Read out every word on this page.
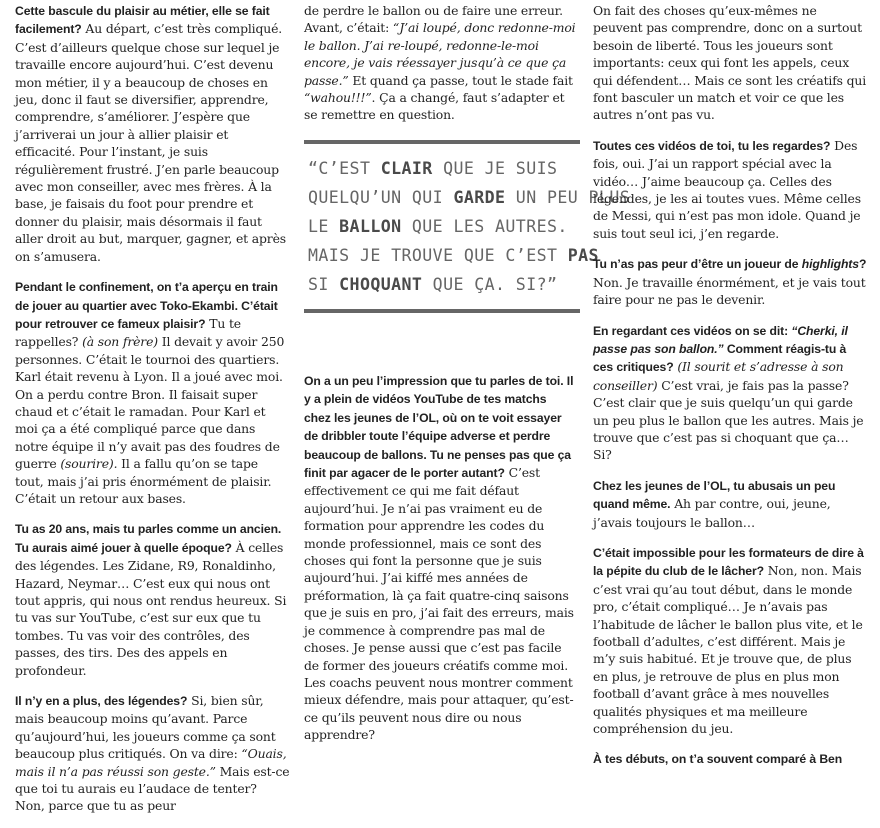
Cette bascule du plaisir au métier, elle se fait facilement? Au départ, c’est très compliqué. C’est d’ailleurs quelque chose sur lequel je travaille encore aujourd’hui. C’est devenu mon métier, il y a beaucoup de choses en jeu, donc il faut se diversifier, apprendre, comprendre, s’améliorer. J’espère que j’arriverai un jour à allier plaisir et efficacité. Pour l’instant, je suis régulièrement frustré. J’en parle beaucoup avec mon conseiller, avec mes frères. À la base, je faisais du foot pour prendre et donner du plaisir, mais désormais il faut aller droit au but, marquer, gagner, et après on s’amusera.

Pendant le confinement, on t’a aperçu en train de jouer au quartier avec Toko-Ekambi. C’était pour retrouver ce fameux plaisir? Tu te rappelles? (à son frère) Il devait y avoir 250 personnes. C’était le tournoi des quartiers. Karl était revenu à Lyon. Il a joué avec moi. On a perdu contre Bron. Il faisait super chaud et c’était le ramadan. Pour Karl et moi ça a été compliqué parce que dans notre équipe il n’y avait pas des foudres de guerre (sourire). Il a fallu qu’on se tape tout, mais j’ai pris énormément de plaisir. C’était un retour aux bases.

Tu as 20 ans, mais tu parles comme un ancien. Tu aurais aimé jouer à quelle époque? À celles des légendes. Les Zidane, R9, Ronaldinho, Hazard, Neymar… C’est eux qui nous ont tout appris, qui nous ont rendus heureux. Si tu vas sur YouTube, c’est sur eux que tu tombes. Tu vas voir des contrôles, des passes, des tirs. Des des appels en profondeur.

Il n’y en a plus, des légendes? Si, bien sûr, mais beaucoup moins qu’avant. Parce qu’aujourd’hui, les joueurs comme ça sont beaucoup plus critiqués. On va dire: “Ouais, mais il n’a pas réussi son geste.” Mais est-ce que toi tu aurais eu l’audace de tenter? Non, parce que tu as peur

de perdre le ballon ou de faire une erreur. Avant, c’était: “J’ai loupé, donc redonne-moi le ballon. J’ai re-loupé, redonne-le-moi encore, je vais réessayer jusqu’à ce que ça passe.” Et quand ça passe, tout le stade fait “wahou!!!”. Ça a changé, faut s’adapter et se remettre en question.

“C’EST CLAIR QUE JE SUIS
QUELQU’UN QUI GARDE UN PEU PLUS
LE BALLON QUE LES AUTRES.
MAIS JE TROUVE QUE C’EST PAS
SI CHOQUANT QUE ÇA. SI?”

On a un peu l’impression que tu parles de toi. Il y a plein de vidéos YouTube de tes matchs chez les jeunes de l’OL, où on te voit essayer de dribbler toute l’équipe adverse et perdre beaucoup de ballons. Tu ne penses pas que ça finit par agacer de le porter autant? C’est effectivement ce qui me fait défaut aujourd’hui. Je n’ai pas vraiment eu de formation pour apprendre les codes du monde professionnel, mais ce sont des choses qui font la personne que je suis aujourd’hui. J’ai kiffé mes années de préformation, là ça fait quatre-cinq saisons que je suis en pro, j’ai fait des erreurs, mais je commence à comprendre pas mal de choses. Je pense aussi que c’est pas facile de former des joueurs créatifs comme moi. Les coachs peuvent nous montrer comment mieux défendre, mais pour attaquer, qu’est-ce qu’ils peuvent nous dire ou nous apprendre?

On fait des choses qu’eux-mêmes ne peuvent pas comprendre, donc on a surtout besoin de liberté. Tous les joueurs sont importants: ceux qui font les appels, ceux qui défendent… Mais ce sont les créatifs qui font basculer un match et voir ce que les autres n’ont pas vu.

Toutes ces vidéos de toi, tu les regardes? Des fois, oui. J’ai un rapport spécial avec la vidéo… J’aime beaucoup ça. Celles des légendes, je les ai toutes vues. Même celles de Messi, qui n’est pas mon idole. Quand je suis tout seul ici, j’en regarde.

Tu n’as pas peur d’être un joueur de highlights? Non. Je travaille énormément, et je vais tout faire pour ne pas le devenir.

En regardant ces vidéos on se dit: “Cherki, il passe pas son ballon.” Comment réagis-tu à ces critiques? (Il sourit et s’adresse à son conseiller) C’est vrai, je fais pas la passe? C’est clair que je suis quelqu’un qui garde un peu plus le ballon que les autres. Mais je trouve que c’est pas si choquant que ça… Si?

Chez les jeunes de l’OL, tu abusais un peu quand même. Ah par contre, oui, jeune, j’avais toujours le ballon…

C’était impossible pour les formateurs de dire à la pépite du club de le lâcher? Non, non. Mais c’est vrai qu’au tout début, dans le monde pro, c’était compliqué… Je n’avais pas l’habitude de lâcher le ballon plus vite, et le football d’adultes, c’est différent. Mais je m’y suis habitué. Et je trouve que, de plus en plus, je retrouve de plus en plus mon football d’avant grâce à mes nouvelles qualités physiques et ma meilleure compréhension du jeu.

À tes débuts, on t’a souvent comparé à Ben
